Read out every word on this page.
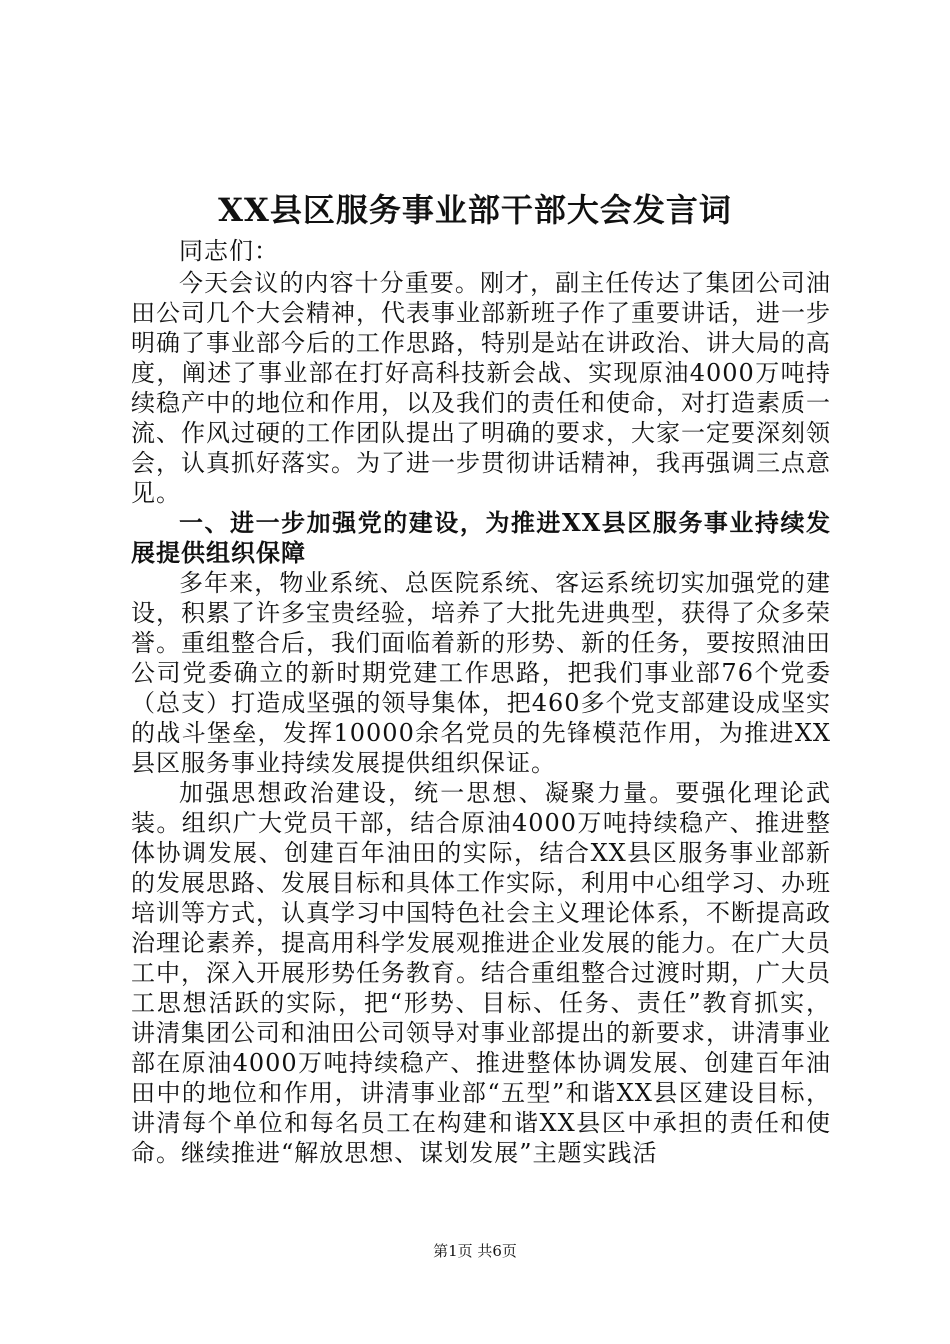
XX县区服务事业部干部大会发言词

同志们：

今天会议的内容十分重要。刚才，副主任传达了集团公司油田公司几个大会精神，代表事业部新班子作了重要讲话，进一步明确了事业部今后的工作思路，特别是站在讲政治、讲大局的高度，阐述了事业部在打好高科技新会战、实现原油4000万吨持续稳产中的地位和作用，以及我们的责任和使命，对打造素质一流、作风过硬的工作团队提出了明确的要求，大家一定要深刻领会，认真抓好落实。为了进一步贯彻讲话精神，我再强调三点意见。

一、进一步加强党的建设，为推进XX县区服务事业持续发展提供组织保障

多年来，物业系统、总医院系统、客运系统切实加强党的建设，积累了许多宝贵经验，培养了大批先进典型，获得了众多荣誉。重组整合后，我们面临着新的形势、新的任务，要按照油田公司党委确立的新时期党建工作思路，把我们事业部76个党委（总支）打造成坚强的领导集体，把460多个党支部建设成坚实的战斗堡垒，发挥10000余名党员的先锋模范作用，为推进XX县区服务事业持续发展提供组织保证。

加强思想政治建设，统一思想、凝聚力量。要强化理论武装。组织广大党员干部，结合原油4000万吨持续稳产、推进整体协调发展、创建百年油田的实际，结合XX县区服务事业部新的发展思路、发展目标和具体工作实际，利用中心组学习、办班培训等方式，认真学习中国特色社会主义理论体系，不断提高政治理论素养，提高用科学发展观推进企业发展的能力。在广大员工中，深入开展形势任务教育。结合重组整合过渡时期，广大员工思想活跃的实际，把“形势、目标、任务、责任”教育抓实，讲清集团公司和油田公司领导对事业部提出的新要求，讲清事业部在原油4000万吨持续稳产、推进整体协调发展、创建百年油田中的地位和作用，讲清事业部“五型”和谐XX县区建设目标，讲清每个单位和每名员工在构建和谐XX县区中承担的责任和使命。继续推进“解放思想、谋划发展”主题实践活

第1页 共6页
